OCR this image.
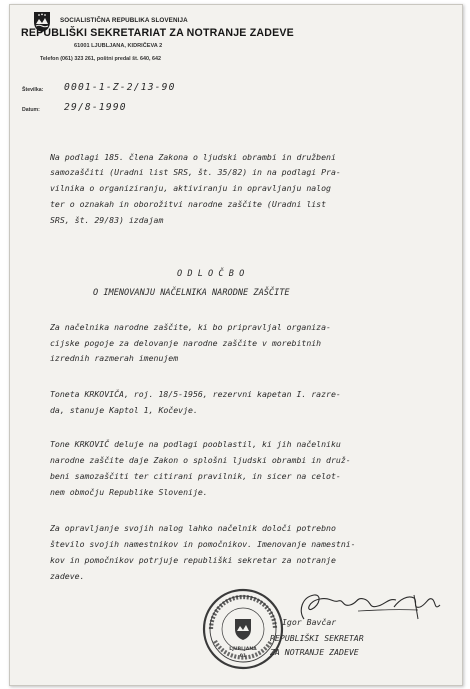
SOCIALISTIČNA REPUBLIKA SLOVENIJA
REPUBLIŠKI SEKRETARIAT ZA NOTRANJE ZADEVE
61001 LJUBLJANA, KIDRIČEVA 2
Telefon (061) 323 261, poštni predal št. 640, 642
Številka: 0001-1-Z-2/13-90
Datum:	29/8-1990
Na podlagi 185. člena Zakona o ljudski obrambi in družbeni
samozaščiti (Uradni list SRS, št. 35/82) in na podlagi Pra-
vilnika o organiziranju, aktiviranju in opravljanju nalog
ter o oznakah in oborožitvi narodne zaščite (Uradni list
SRS, št. 29/83) izdajam
O D L O Č B O
O IMENOVANJU NAČELNIKA NARODNE ZAŠČITE
Za načelnika narodne zaščite, ki bo pripravljal organiza-
cijske pogoje za delovanje narodne zaščite v morebitnih
izrednih razmerah imenujem
Toneta KRKOVIČA, roj. 18/5-1956, rezervni kapetan I. razre-
da, stanuje Kaptol 1, Kočevje.
Tone KRKOVIČ deluje na podlagi pooblastil, ki jih načelniku
narodne zaščite daje Zakon o splošni ljudski obrambi in druž-
beni samozaščiti ter citirani pravilnik, in sicer na celot-
nem območju Republike Slovenije.
Za opravljanje svojih nalog lahko načelnik določi potrebno
število svojih namestnikov in pomočnikov. Imenovanje namestni-
kov in pomočnikov potrjuje republiški sekretar za notranje
zadeve.
LJUBLJANA
01
Igor Bavčar
REPUBLIŠKI SEKRETAR
ZA NOTRANJE ZADEVE
